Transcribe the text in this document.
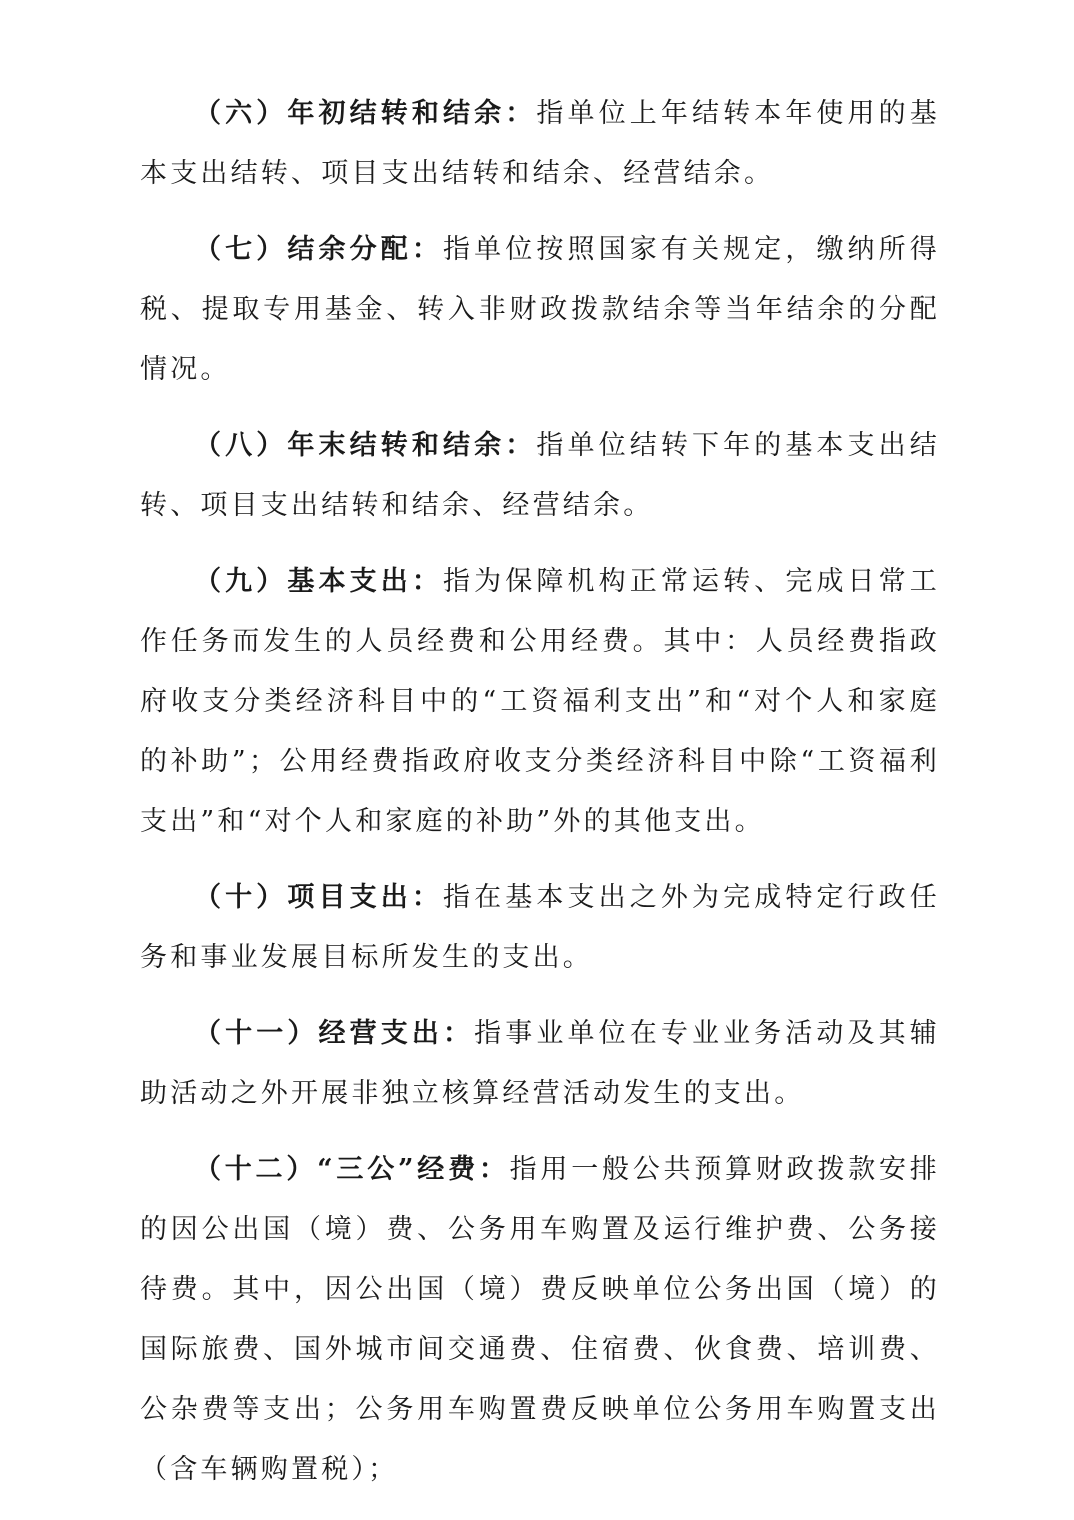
（六）年初结转和结余：指单位上年结转本年使用的基本支出结转、项目支出结转和结余、经营结余。

（七）结余分配：指单位按照国家有关规定，缴纳所得税、提取专用基金、转入非财政拨款结余等当年结余的分配情况。

（八）年末结转和结余：指单位结转下年的基本支出结转、项目支出结转和结余、经营结余。

（九）基本支出：指为保障机构正常运转、完成日常工作任务而发生的人员经费和公用经费。其中：人员经费指政府收支分类经济科目中的“工资福利支出”和“对个人和家庭的补助”；公用经费指政府收支分类经济科目中除“工资福利支出”和“对个人和家庭的补助”外的其他支出。

（十）项目支出：指在基本支出之外为完成特定行政任务和事业发展目标所发生的支出。

（十一）经营支出：指事业单位在专业业务活动及其辅助活动之外开展非独立核算经营活动发生的支出。

（十二）“三公”经费：指用一般公共预算财政拨款安排的因公出国（境）费、公务用车购置及运行维护费、公务接待费。其中，因公出国（境）费反映单位公务出国（境）的国际旅费、国外城市间交通费、住宿费、伙食费、培训费、公杂费等支出；公务用车购置费反映单位公务用车购置支出（含车辆购置税）；
